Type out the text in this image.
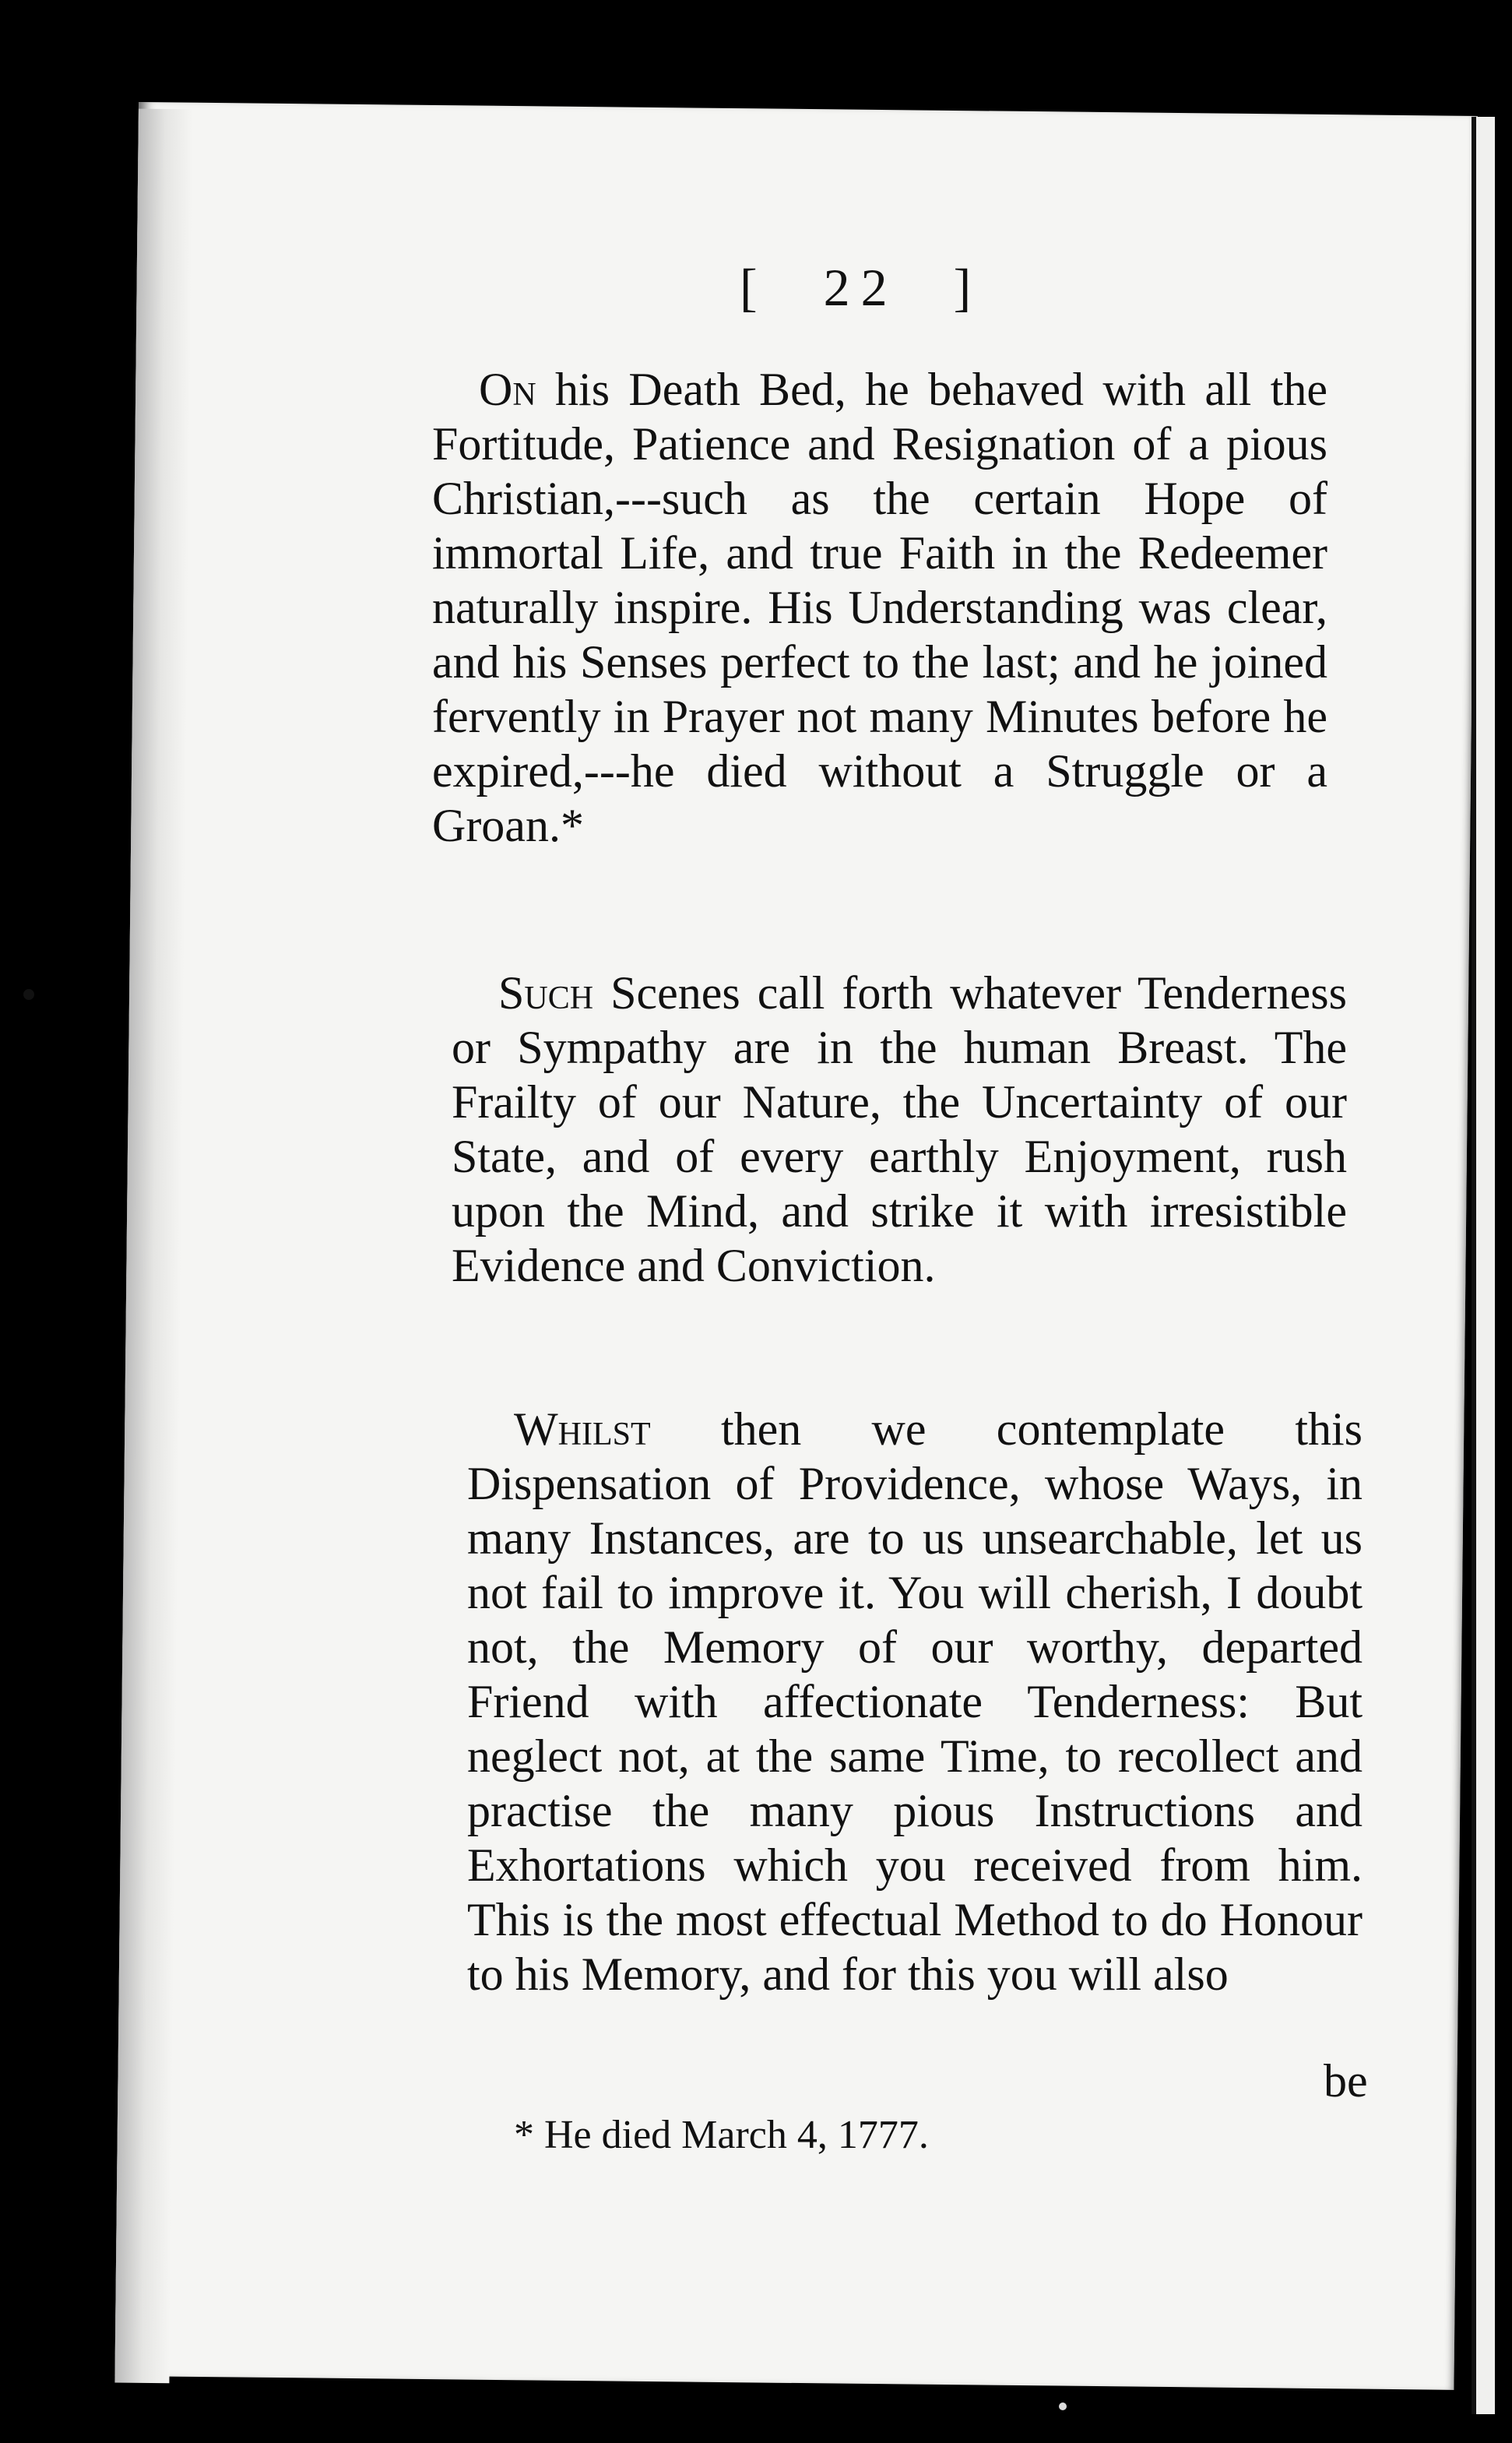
[ 22 ]
On his Death Bed, he behaved with all the Fortitude, Patience and Resignation of a pious Christian,---such as the certain Hope of immortal Life, and true Faith in the Redeemer naturally inspire. His Understanding was clear, and his Senses perfect to the last; and he joined fervently in Prayer not many Minutes before he expired,---he died without a Struggle or a Groan.*
Such Scenes call forth whatever Tenderness or Sympathy are in the human Breast. The Frailty of our Nature, the Uncertainty of our State, and of every earthly Enjoyment, rush upon the Mind, and strike it with irresistible Evidence and Conviction.
Whilst then we contemplate this Dispensation of Providence, whose Ways, in many Instances, are to us unsearchable, let us not fail to improve it. You will cherish, I doubt not, the Memory of our worthy, departed Friend with affectionate Tenderness: But neglect not, at the same Time, to recollect and practise the many pious Instructions and Exhortations which you received from him. This is the most effectual Method to do Honour to his Memory, and for this you will also
be
* He died March 4, 1777.
